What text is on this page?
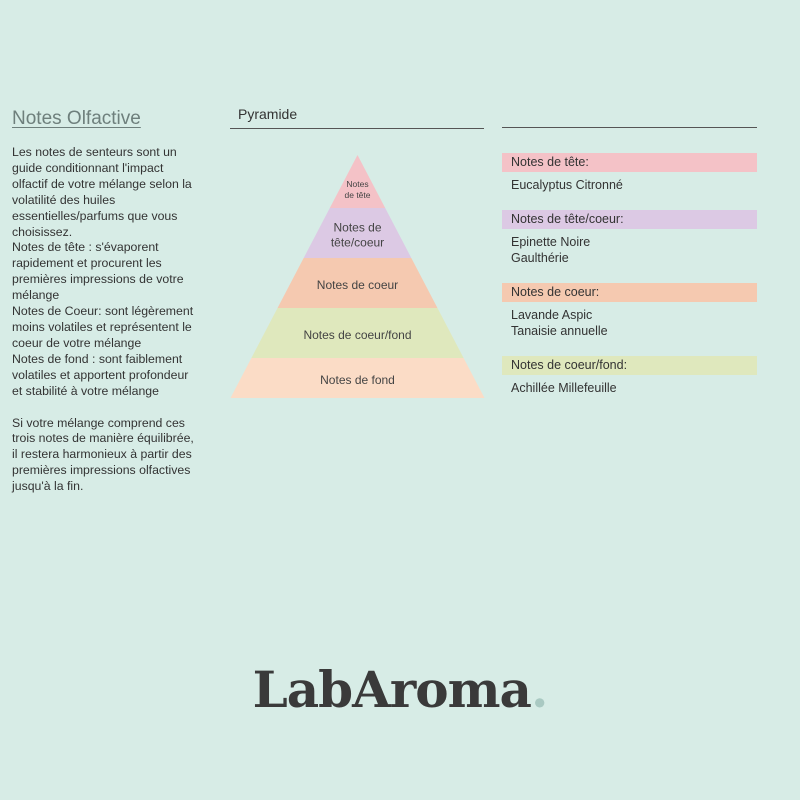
Notes Olfactive

Les notes de senteurs sont un
guide conditionnant l'impact
olfactif de votre mélange selon la
volatilité des huiles
essentielles/parfums que vous
choisissez.
Notes de tête : s'évaporent
rapidement et procurent les
premières impressions de votre
mélange
Notes de Coeur: sont légèrement
moins volatiles et représentent le
coeur de votre mélange
Notes de fond : sont faiblement
volatiles et apportent profondeur
et stabilité à votre mélange

Si votre mélange comprend ces
trois notes de manière équilibrée,
il restera harmonieux à partir des
premières impressions olfactives
jusqu'à la fin.

Pyramide
Notes
de tête
Notes de
tête/coeur
Notes de coeur
Notes de coeur/fond
Notes de fond
Notes de tête:
Eucalyptus Citronné
Notes de tête/coeur:
Epinette Noire
Gaulthérie
Notes de coeur:
Lavande Aspic
Tanaisie annuelle
Notes de coeur/fond:
Achillée Millefeuille
LabAroma.
